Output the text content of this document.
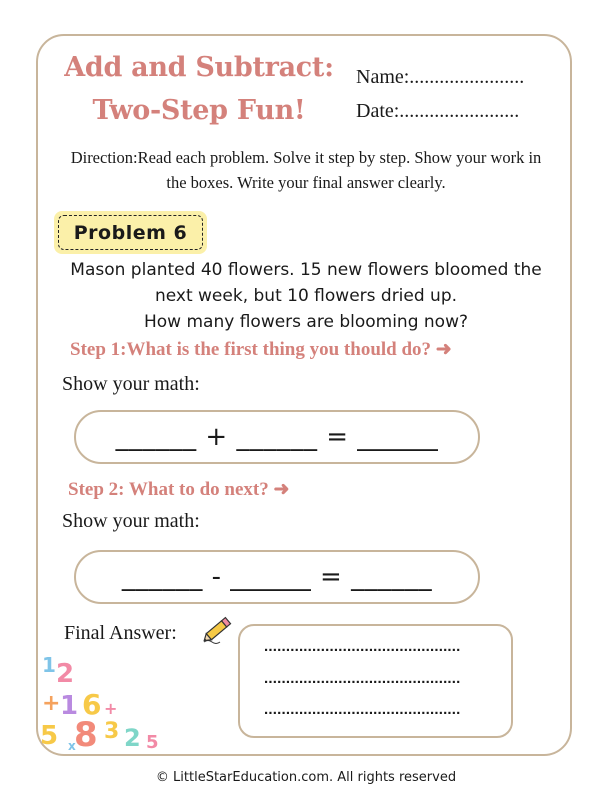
Add and Subtract:
Two-Step Fun!
Name:.......................
Date:........................
Direction:Read each problem. Solve it step by step. Show your work in the boxes. Write your final answer clearly.
Problem 6
Mason planted 40 flowers. 15 new flowers bloomed the
next week, but 10 flowers dried up.
How many flowers are blooming now?
Step 1:What is the first thing you thould do? ➜
Show your math:
______ + ______ = ______
Step 2: What to do next? ➜
Show your math:
______ - ______ = ______
Final Answer:
.............................................
.............................................
.............................................
1 2
+ 1 6 +
5 8 3 2 5
x
© LittleStarEducation.com. All rights reserved
